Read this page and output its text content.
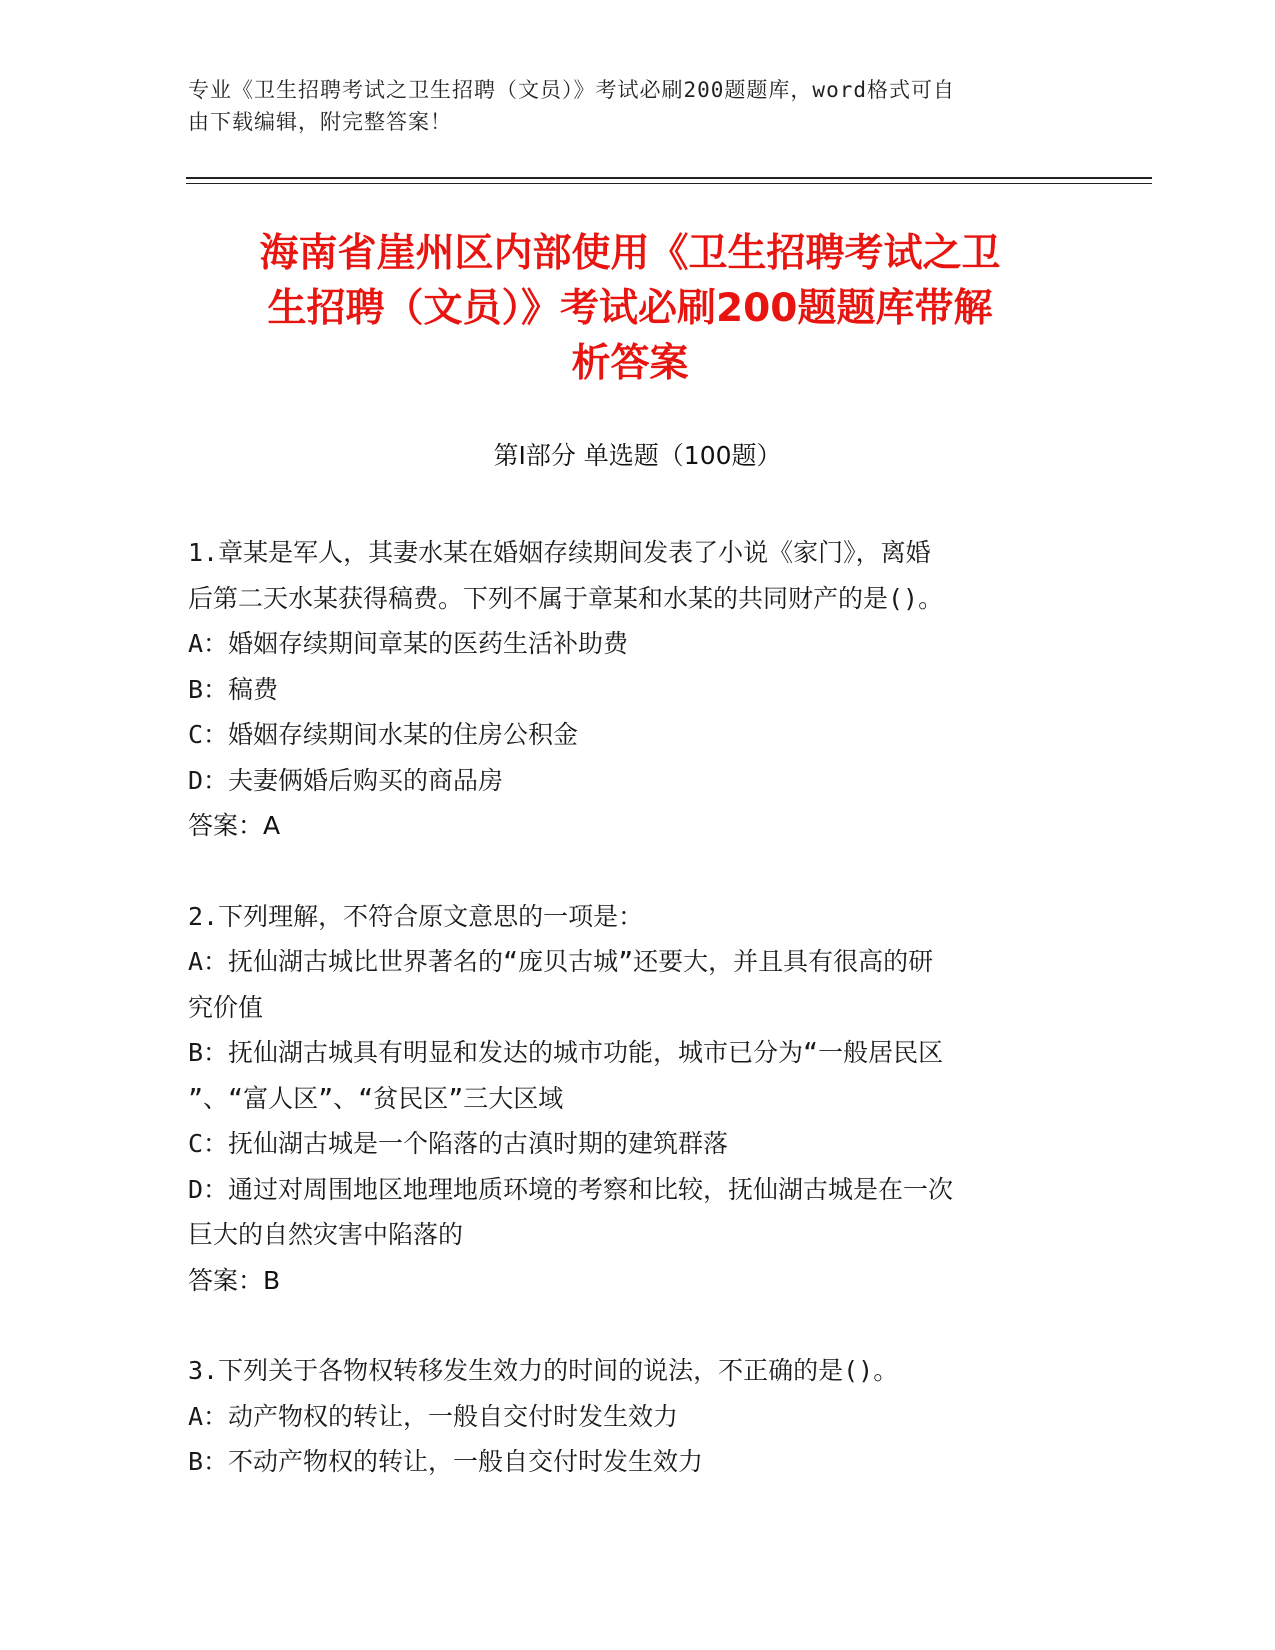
专业《卫生招聘考试之卫生招聘（文员）》考试必刷200题题库，word格式可自
由下载编辑，附完整答案！
海南省崖州区内部使用《卫生招聘考试之卫
生招聘（文员）》考试必刷200题题库带解
析答案
第Ⅰ部分 单选题（100题）
1.章某是军人，其妻水某在婚姻存续期间发表了小说《家门》，离婚
后第二天水某获得稿费。下列不属于章某和水某的共同财产的是()。
A：婚姻存续期间章某的医药生活补助费
B：稿费
C：婚姻存续期间水某的住房公积金
D：夫妻俩婚后购买的商品房
答案：A
2.下列理解，不符合原文意思的一项是：
A：抚仙湖古城比世界著名的“庞贝古城”还要大，并且具有很高的研
究价值
B：抚仙湖古城具有明显和发达的城市功能，城市已分为“一般居民区
”、“富人区”、“贫民区”三大区域
C：抚仙湖古城是一个陷落的古滇时期的建筑群落
D：通过对周围地区地理地质环境的考察和比较，抚仙湖古城是在一次
巨大的自然灾害中陷落的
答案：B
3.下列关于各物权转移发生效力的时间的说法，不正确的是()。
A：动产物权的转让，一般自交付时发生效力
B：不动产物权的转让，一般自交付时发生效力
